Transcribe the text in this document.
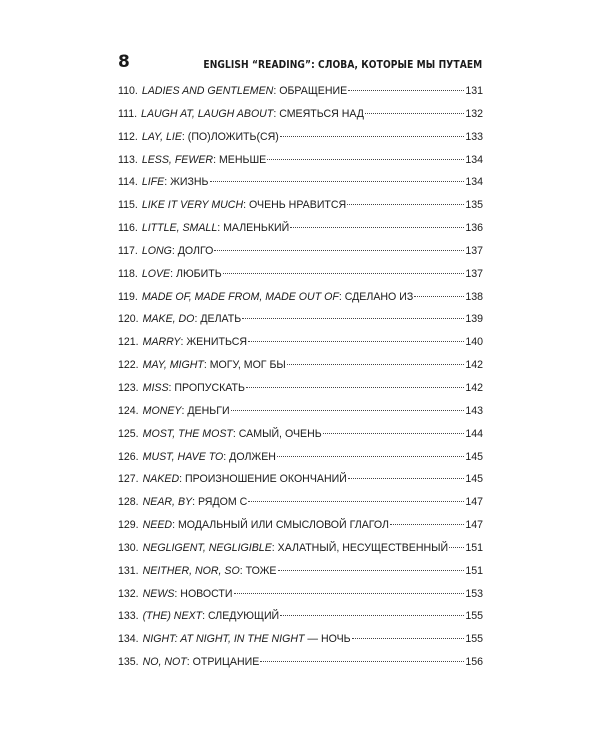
8	ENGLISH “READING”: СЛОВА, КОТОРЫЕ МЫ ПУТАЕМ
110. LADIES AND GENTLEMEN: ОБРАЩЕНИЕ	131
111. LAUGH AT, LAUGH ABOUT: СМЕЯТЬСЯ НАД	132
112. LAY, LIE: (ПО)ЛОЖИТЬ(СЯ)	133
113. LESS, FEWER: МЕНЬШЕ	134
114. LIFE: ЖИЗНЬ	134
115. LIKE IT VERY MUCH: ОЧЕНЬ НРАВИТСЯ	135
116. LITTLE, SMALL: МАЛЕНЬКИЙ	136
117. LONG: ДОЛГО	137
118. LOVE: ЛЮБИТЬ	137
119. MADE OF, MADE FROM, MADE OUT OF: СДЕЛАНО ИЗ	138
120. MAKE, DO: ДЕЛАТЬ	139
121. MARRY: ЖЕНИТЬСЯ	140
122. MAY, MIGHT: МОГУ, МОГ БЫ	142
123. MISS: ПРОПУСКАТЬ	142
124. MONEY: ДЕНЬГИ	143
125. MOST, THE MOST: САМЫЙ, ОЧЕНЬ	144
126. MUST, HAVE TO: ДОЛЖЕН	145
127. NAKED: ПРОИЗНОШЕНИЕ ОКОНЧАНИЙ	145
128. NEAR, BY: РЯДОМ С	147
129. NEED: МОДАЛЬНЫЙ ИЛИ СМЫСЛОВОЙ ГЛАГОЛ	147
130. NEGLIGENT, NEGLIGIBLE: ХАЛАТНЫЙ, НЕСУЩЕСТВЕННЫЙ 151
131. NEITHER, NOR, SO: ТОЖЕ	151
132. NEWS: НОВОСТИ	153
133. (THE) NEXT: СЛЕДУЮЩИЙ	155
134. NIGHT: AT NIGHT, IN THE NIGHT — НОЧЬ	155
135. NO, NOT: ОТРИЦАНИЕ	156
